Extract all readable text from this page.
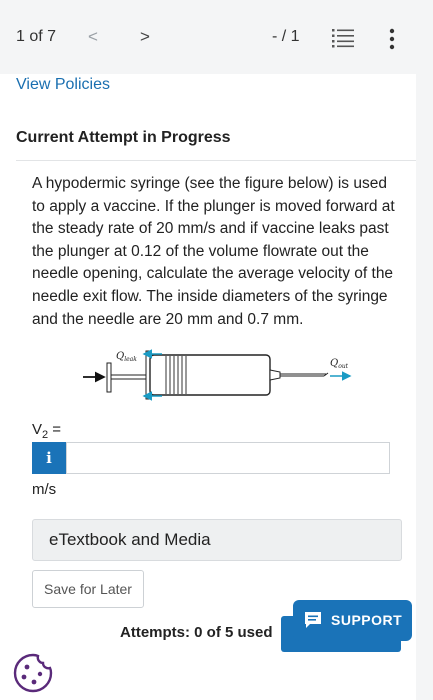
1 of 7 < >	- / 1
View Policies
Current Attempt in Progress
A hypodermic syringe (see the figure below) is used to apply a vaccine. If the plunger is moved forward at the steady rate of 20 mm/s and if vaccine leaks past the plunger at 0.12 of the volume flowrate out the needle opening, calculate the average velocity of the needle exit flow. The inside diameters of the syringe and the needle are 20 mm and 0.7 mm.
$Q_{leak}$	$Q_{out}$
$V_2$ =
i
m/s
eTextbook and Media
Save for Later
Attempts: 0 of 5 used
SUPPORT
